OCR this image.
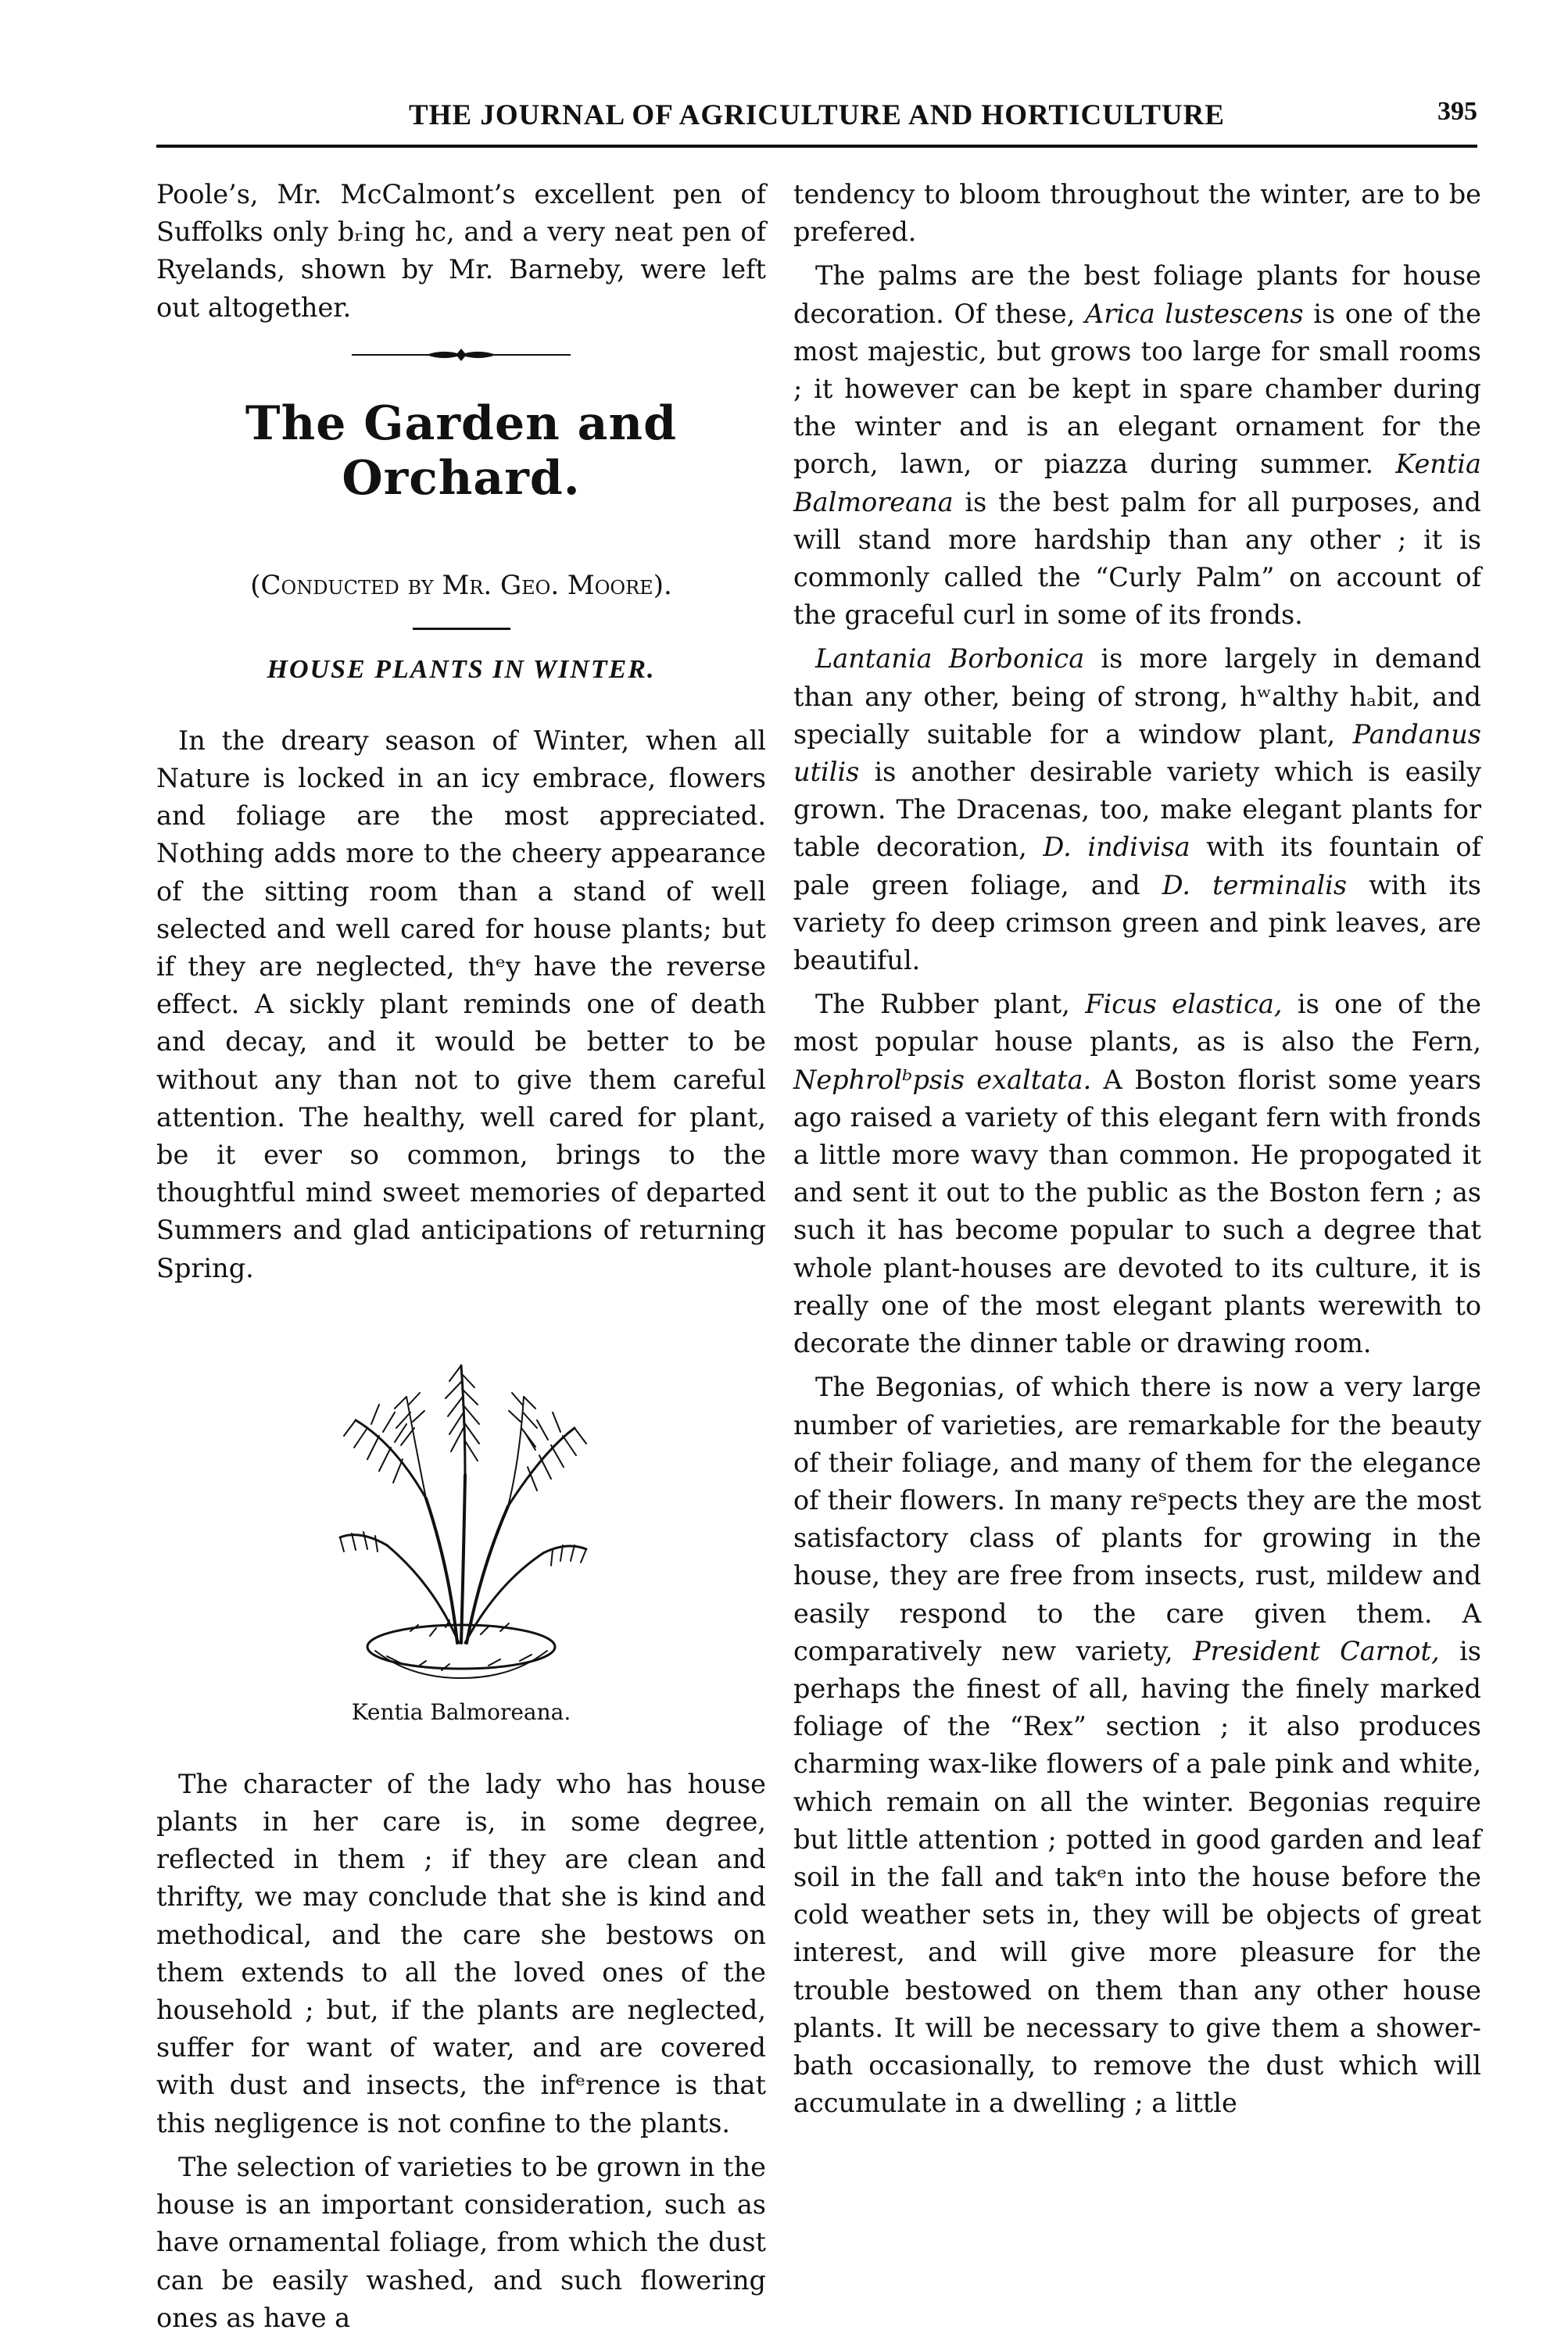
THE JOURNAL OF AGRICULTURE AND HORTICULTURE	395

Poole’s, Mr. McCalmont’s excellent pen of Suffolks only bᵣing hc, and a very neat pen of Ryelands, shown by Mr. Barneby, were left out altogether.

The Garden and Orchard.
(Conducted by Mr. Geo. Moore).
HOUSE PLANTS IN WINTER.

In the dreary season of Winter, when all Nature is locked in an icy embrace, flowers and foliage are the most appreciated. Nothing adds more to the cheery appearance of the sitting room than a stand of well selected and well cared for house plants; but if they are neglected, thᵉy have the reverse effect. A sickly plant reminds one of death and decay, and it would be better to be without any than not to give them careful attention. The healthy, well cared for plant, be it ever so common, brings to the thoughtful mind sweet memories of departed Summers and glad anticipations of returning Spring.

Kentia Balmoreana.

The character of the lady who has house plants in her care is, in some degree, reflected in them ; if they are clean and thrifty, we may conclude that she is kind and methodical, and the care she bestows on them extends to all the loved ones of the household ; but, if the plants are neglected, suffer for want of water, and are covered with dust and insects, the infᵉrence is that this negligence is not confine to the plants.

The selection of varieties to be grown in the house is an important consideration, such as have ornamental foliage, from which the dust can be easily washed, and such flowering ones as have a

tendency to bloom throughout the winter, are to be prefered.

The palms are the best foliage plants for house decoration. Of these, Arica lustescens is one of the most majestic, but grows too large for small rooms ; it however can be kept in spare chamber during the winter and is an elegant ornament for the porch, lawn, or piazza during summer. Kentia Balmoreana is the best palm for all purposes, and will stand more hardship than any other ; it is commonly called the “Curly Palm” on account of the graceful curl in some of its fronds.

Lantania Borbonica is more largely in demand than any other, being of strong, hʷalthy hₐbit, and specially suitable for a window plant, Pandanus utilis is another desirable variety which is easily grown. The Dracenas, too, make elegant plants for table decoration, D. indivisa with its fountain of pale green foliage, and D. terminalis with its variety fo deep crimson green and pink leaves, are beautiful.

The Rubber plant, Ficus elastica, is one of the most popular house plants, as is also the Fern, Nephrolᵇpsis exaltata. A Boston florist some years ago raised a variety of this elegant fern with fronds a little more wavy than common. He propogated it and sent it out to the public as the Boston fern ; as such it has become popular to such a degree that whole plant-houses are devoted to its culture, it is really one of the most elegant plants werewith to decorate the dinner table or drawing room.

The Begonias, of which there is now a very large number of varieties, are remarkable for the beauty of their foliage, and many of them for the elegance of their flowers. In many reˢpects they are the most satisfactory class of plants for growing in the house, they are free from insects, rust, mildew and easily respond to the care given them. A comparatively new variety, President Carnot, is perhaps the finest of all, having the finely marked foliage of the “Rex” section ; it also produces charming wax-like flowers of a pale pink and white, which remain on all the winter. Begonias require but little attention ; potted in good garden and leaf soil in the fall and takᵉn into the house before the cold weather sets in, they will be objects of great interest, and will give more pleasure for the trouble bestowed on them than any other house plants. It will be necessary to give them a shower-bath occasionally, to remove the dust which will accumulate in a dwelling ; a little
